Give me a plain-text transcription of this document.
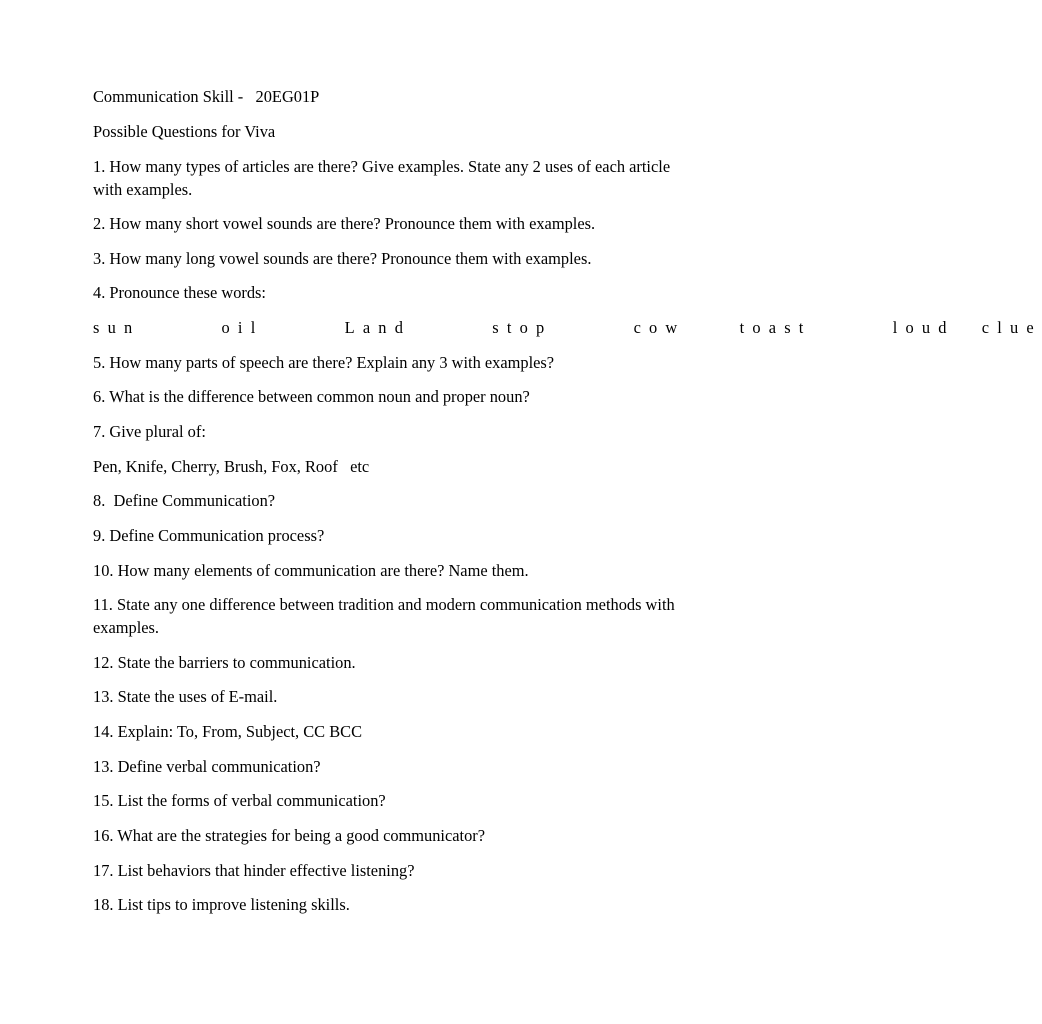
Communication Skill -   20EG01P
Possible Questions for Viva
1. How many types of articles are there? Give examples. State any 2 uses of each article with examples.
2. How many short vowel sounds are there? Pronounce them with examples.
3. How many long vowel sounds are there? Pronounce them with examples.
4. Pronounce these words:
sun   oil   Land   stop   cow  toast   loud clue
5. How many parts of speech are there? Explain any 3 with examples?
6. What is the difference between common noun and proper noun?
7. Give plural of:
Pen, Knife, Cherry, Brush, Fox, Roof   etc
8.  Define Communication?
9. Define Communication process?
10. How many elements of communication are there? Name them.
11. State any one difference between tradition and modern communication methods with examples.
12. State the barriers to communication.
13. State the uses of E-mail.
14. Explain: To, From, Subject, CC BCC
13. Define verbal communication?
15. List the forms of verbal communication?
16. What are the strategies for being a good communicator?
17. List behaviors that hinder effective listening?
18. List tips to improve listening skills.
